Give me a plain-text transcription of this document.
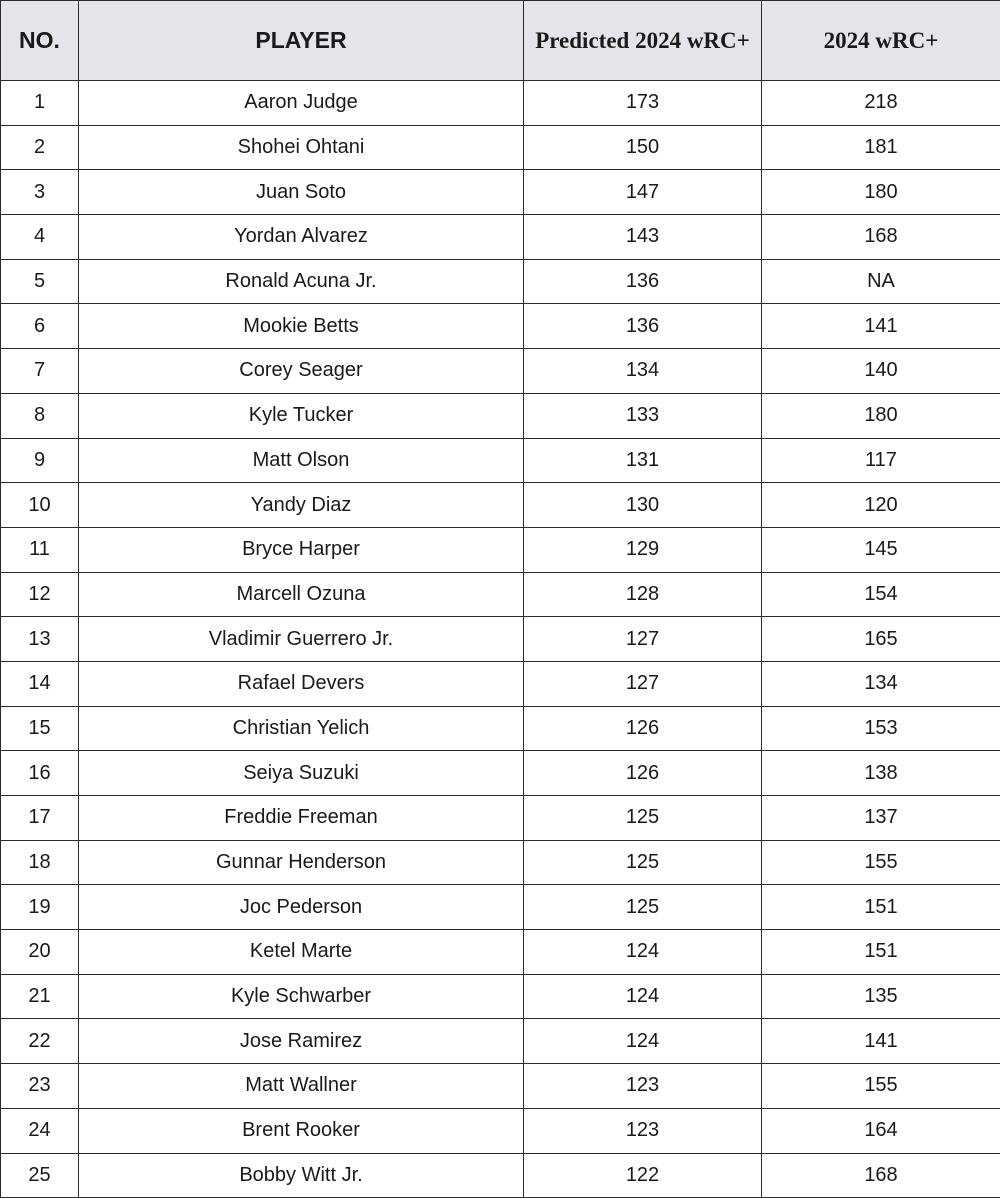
NO.	PLAYER	Predicted 2024 wRC+	2024 wRC+
1	Aaron Judge	173	218
2	Shohei Ohtani	150	181
3	Juan Soto	147	180
4	Yordan Alvarez	143	168
5	Ronald Acuna Jr.	136	NA
6	Mookie Betts	136	141
7	Corey Seager	134	140
8	Kyle Tucker	133	180
9	Matt Olson	131	117
10	Yandy Diaz	130	120
11	Bryce Harper	129	145
12	Marcell Ozuna	128	154
13	Vladimir Guerrero Jr.	127	165
14	Rafael Devers	127	134
15	Christian Yelich	126	153
16	Seiya Suzuki	126	138
17	Freddie Freeman	125	137
18	Gunnar Henderson	125	155
19	Joc Pederson	125	151
20	Ketel Marte	124	151
21	Kyle Schwarber	124	135
22	Jose Ramirez	124	141
23	Matt Wallner	123	155
24	Brent Rooker	123	164
25	Bobby Witt Jr.	122	168
